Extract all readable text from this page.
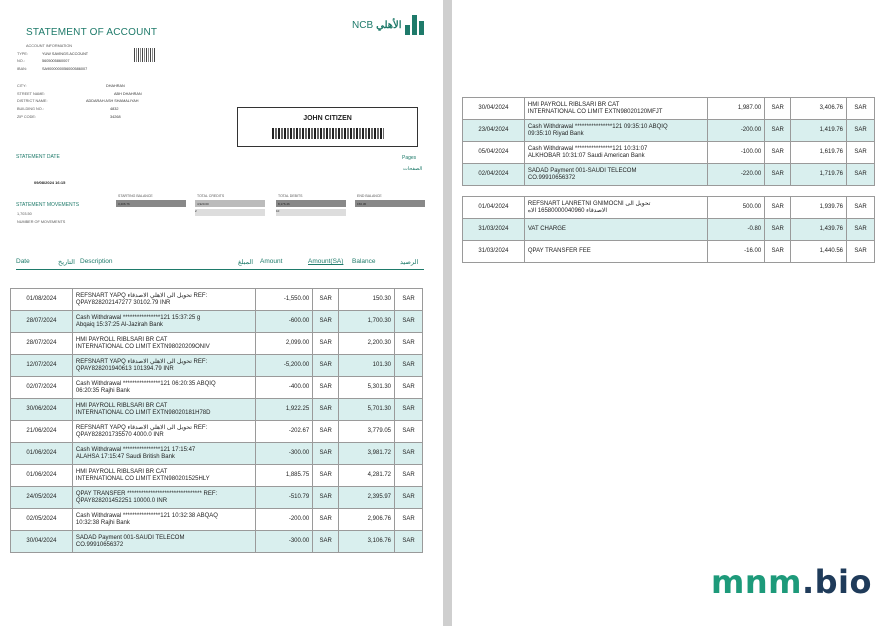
STATEMENT OF ACCOUNT
NCB الأهلي
ACCOUNT INFORMATION
TYPE:	YUW SAVINGS ACCOUNT
NO.:	5605005860007
IBAN:	SA9000000056000586007
CITY:	DHAHRAN
STREET NAME:	ABH DHAHRAN
DISTRICT NAME:	ADDARAH ASH SHAMALIYAH
BUILDING NO.:	4832
ZIP CODE:	34268	JOHN CITIZEN
STATEMENT DATE	Pages
الصفحات
09/08/2024 16:15
STATEMENT MOVEMENTS
1,703.50
NUMBER OF MOVEMENTS
STARTING BALANCE	TOTAL CREDITS	TOTAL DEBITS	END BALANCE
3,406.76	4,920.00	8,176.46	150.30
2	10
Date	التاريخ Description	المبلغ Amount	Amount(SA) Balance	الرصيد
01/08/2024	REFSNART YAPQ تحويل الى الاهلي الاصدقاء REF:
QPAY828202147277 30102.79 INR	-1,550.00	SAR	150.30	SAR
28/07/2024	Cash Withdrawal ****************121 15:37:25 g
Abqaiq 15:37:25 Al-Jazirah Bank	-600.00	SAR	1,700.30	SAR
28/07/2024	HMI PAYROLL RIBLSARI BR CAT
INTERNATIONAL CO LIMIT EXTN98020209ONIV	2,099.00	SAR	2,200.30	SAR
12/07/2024	REFSNART YAPQ تحويل الى الاهلي الاصدقاء REF:
QPAY828201940613 101394.79 INR	-5,200.00	SAR	101.30	SAR
02/07/2024	Cash Withdrawal ****************121 06:20:35 ABQIQ
06:20:35 Rajhi Bank	-400.00	SAR	5,301.30	SAR
30/06/2024	HMI PAYROLL RIBLSARI BR CAT
INTERNATIONAL CO LIMIT EXTN98020181H78D	1,922.25	SAR	5,701.30	SAR
21/06/2024	REFSNART YAPQ تحويل الى الاهلي الاصدقاء REF:
QPAY828201735570 4000.0 INR	-202.67	SAR	3,779.05	SAR
01/06/2024	Cash Withdrawal ****************121 17:15:47
ALAHSA 17:15:47 Saudi British Bank	-300.00	SAR	3,981.72	SAR
01/06/2024	HMI PAYROLL RIBLSARI BR CAT
INTERNATIONAL CO LIMIT EXTN980201525HLY	1,885.75	SAR	4,281.72	SAR
24/05/2024	QPAY TRANSFER ******************************** REF:
QPAY828201452251 10000.0 INR	-510.79	SAR	2,395.97	SAR
02/05/2024	Cash Withdrawal ****************121 10:32:38 ABQAQ
10:32:38 Rajhi Bank	-200.00	SAR	2,906.76	SAR
30/04/2024	SADAD Payment 001-SAUDI TELECOM
CO.99910656372	-300.00	SAR	3,106.76	SAR
30/04/2024	HMI PAYROLL RIBLSARI BR CAT
INTERNATIONAL CO LIMIT EXTN98020120MFJT	1,987.00	SAR	3,406.76	SAR
23/04/2024	Cash Withdrawal ****************121 09:35:10 ABQIQ
09:35:10 Riyad Bank	-200.00	SAR	1,419.76	SAR
05/04/2024	Cash Withdrawal ****************121 10:31:07
ALKHOBAR 10:31:07 Saudi American Bank	-100.00	SAR	1,619.76	SAR
02/04/2024	SADAD Payment 001-SAUDI TELECOM
CO.99910656372	-220.00	SAR	1,719.76	SAR
01/04/2024	REFSNART LANRETNI GNIMOCNI تحويل الى
الاصدقاء 16580000040960 الاه	500.00	SAR	1,939.76	SAR
31/03/2024	VAT CHARGE	-0.80	SAR	1,439.76	SAR
31/03/2024	QPAY TRANSFER FEE	-16.00	SAR	1,440.56	SAR
mnm.bio
